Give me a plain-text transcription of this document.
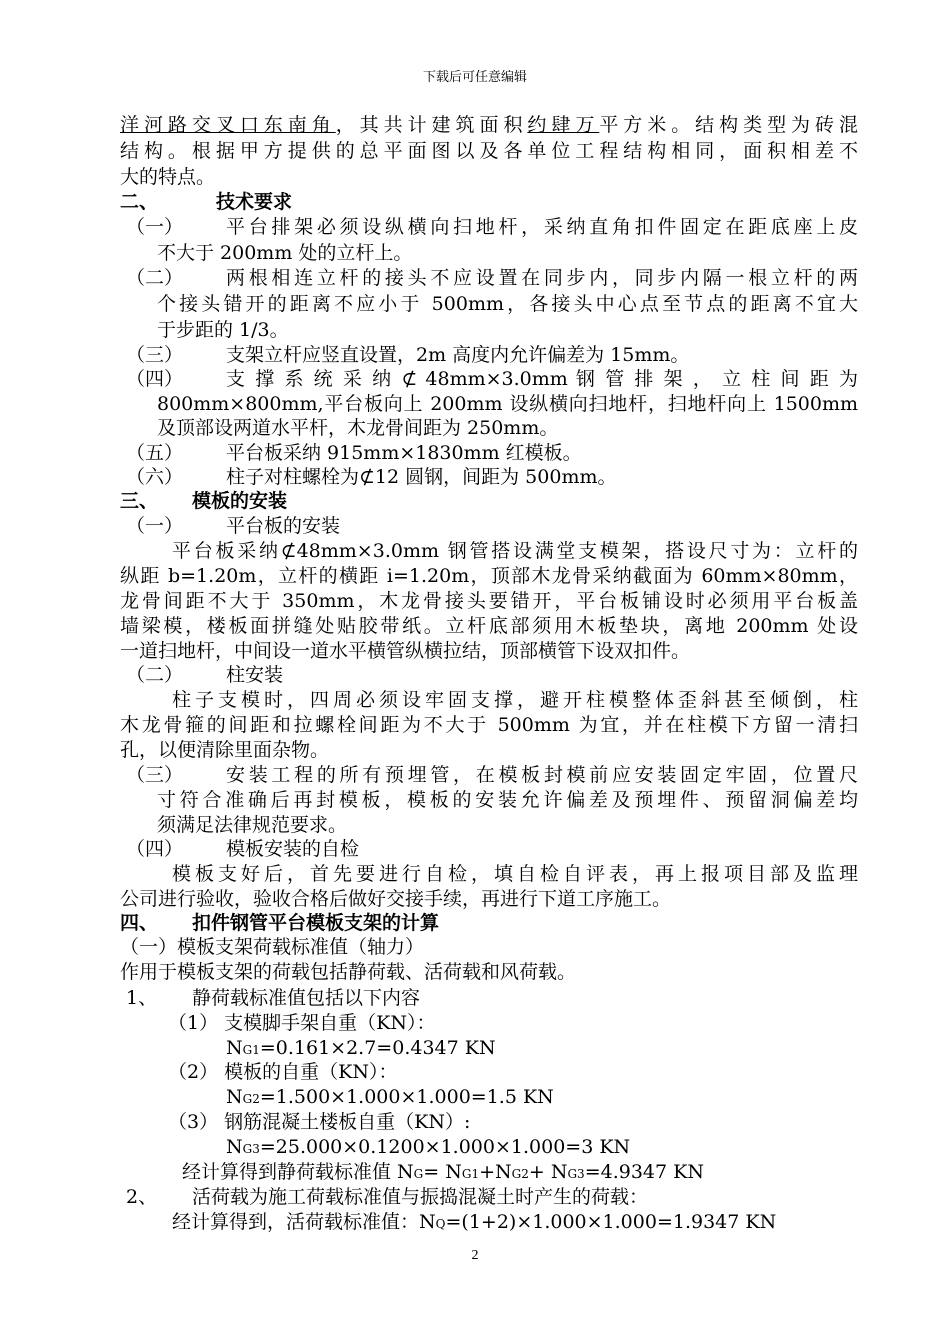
下载后可任意编辑
洋河路交叉口东南角，其共计建筑面积约肆万平方米。结构类型为砖混
结构。根据甲方提供的总平面图以及各单位工程结构相同，面积相差不
大的特点。
二、	技术要求
（一） 平台排架必须设纵横向扫地杆，采纳直角扣件固定在距底座上皮
不大于 200mm 处的立杆上。
（二） 两根相连立杆的接头不应设置在同步内，同步内隔一根立杆的两
个接头错开的距离不应小于 500mm，各接头中心点至节点的距离不宜大
于步距的 1/3。
（三） 支架立杆应竖直设置，2m 高度内允许偏差为 15mm。
（四） 支 撑 系 统 采 纳 ⊄ 48mm×3.0mm 钢 管 排 架 ， 立 柱 间 距 为
800mm×800mm,平台板向上 200mm 设纵横向扫地杆，扫地杆向上 1500mm
及顶部设两道水平杆，木龙骨间距为 250mm。
（五） 平台板采纳 915mm×1830mm 红模板。
（六） 柱子对柱螺栓为⊄12 圆钢，间距为 500mm。
三、 模板的安装
（一） 平台板的安装
平台板采纳⊄48mm×3.0mm 钢管搭设满堂支模架，搭设尺寸为：立杆的
纵距 b=1.20m，立杆的横距 i=1.20m，顶部木龙骨采纳截面为 60mm×80mm，
龙骨间距不大于 350mm，木龙骨接头要错开，平台板铺设时必须用平台板盖
墙梁模，楼板面拼缝处贴胶带纸。立杆底部须用木板垫块，离地 200mm 处设
一道扫地杆，中间设一道水平横管纵横拉结，顶部横管下设双扣件。
（二） 柱安装
柱子支模时，四周必须设牢固支撑，避开柱模整体歪斜甚至倾倒，柱
木龙骨箍的间距和拉螺栓间距为不大于 500mm 为宜，并在柱模下方留一清扫
孔，以便清除里面杂物。
（三） 安装工程的所有预埋管，在模板封模前应安装固定牢固，位置尺
寸符合准确后再封模板，模板的安装允许偏差及预埋件、预留洞偏差均
须满足法律规范要求。
（四） 模板安装的自检
模板支好后，首先要进行自检，填自检自评表，再上报项目部及监理
公司进行验收，验收合格后做好交接手续，再进行下道工序施工。
四、 扣件钢管平台模板支架的计算
（一）模板支架荷载标准值（轴力）
作用于模板支架的荷载包括静荷载、活荷载和风荷载。
1、 静荷载标准值包括以下内容
（1） 支模脚手架自重（KN）：
NG1=0.161×2.7=0.4347 KN
（2） 模板的自重（KN）：
NG2=1.500×1.000×1.000=1.5 KN
（3） 钢筋混凝土楼板自重（KN）:
NG3=25.000×0.1200×1.000×1.000=3 KN
经计算得到静荷载标准值 NG= NG1+NG2+ NG3=4.9347 KN
2、 活荷载为施工荷载标准值与振捣混凝土时产生的荷载：
经计算得到，活荷载标准值：NQ=(1+2)×1.000×1.000=1.9347 KN
2
